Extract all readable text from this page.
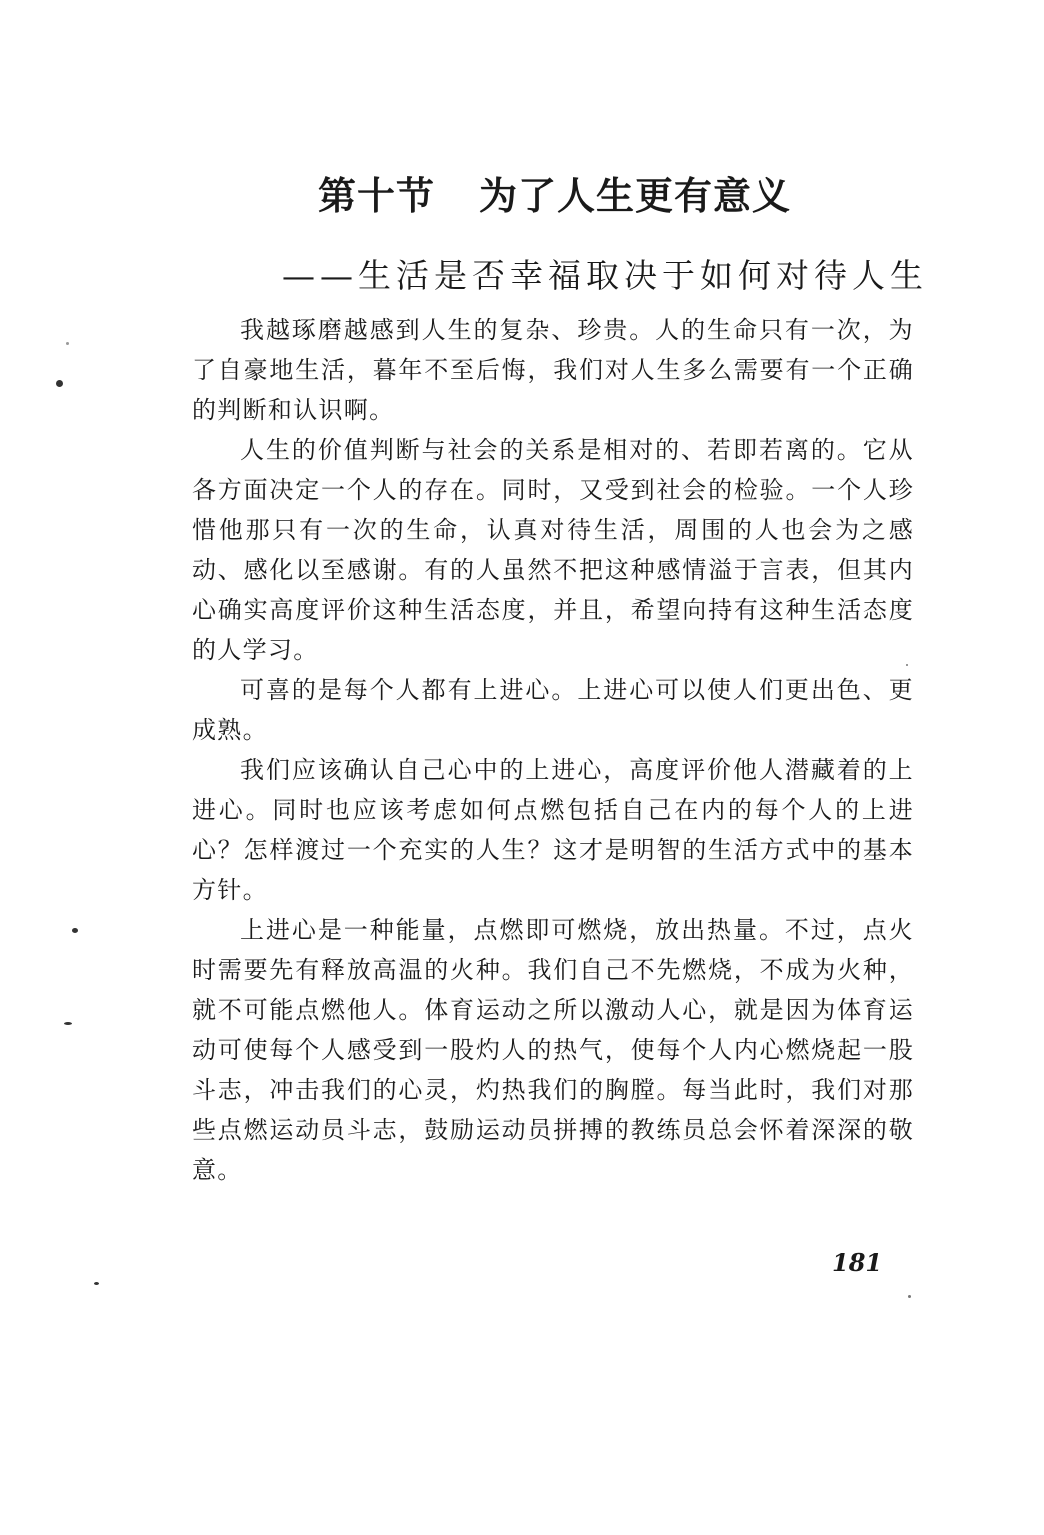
第十节 为了人生更有意义
——生活是否幸福取决于如何对待人生

我越琢磨越感到人生的复杂、珍贵。人的生命只有一次，为了自豪地生活，暮年不至后悔，我们对人生多么需要有一个正确的判断和认识啊。

人生的价值判断与社会的关系是相对的、若即若离的。它从各方面决定一个人的存在。同时，又受到社会的检验。一个人珍惜他那只有一次的生命，认真对待生活，周围的人也会为之感动、感化以至感谢。有的人虽然不把这种感情溢于言表，但其内心确实高度评价这种生活态度，并且，希望向持有这种生活态度的人学习。

可喜的是每个人都有上进心。上进心可以使人们更出色、更成熟。

我们应该确认自己心中的上进心，高度评价他人潜藏着的上进心。同时也应该考虑如何点燃包括自己在内的每个人的上进心？怎样渡过一个充实的人生？这才是明智的生活方式中的基本方针。

上进心是一种能量，点燃即可燃烧，放出热量。不过，点火时需要先有释放高温的火种。我们自己不先燃烧，不成为火种，就不可能点燃他人。体育运动之所以激动人心，就是因为体育运动可使每个人感受到一股灼人的热气，使每个人内心燃烧起一股斗志，冲击我们的心灵，灼热我们的胸膛。每当此时，我们对那些点燃运动员斗志，鼓励运动员拼搏的教练员总会怀着深深的敬意。

181
